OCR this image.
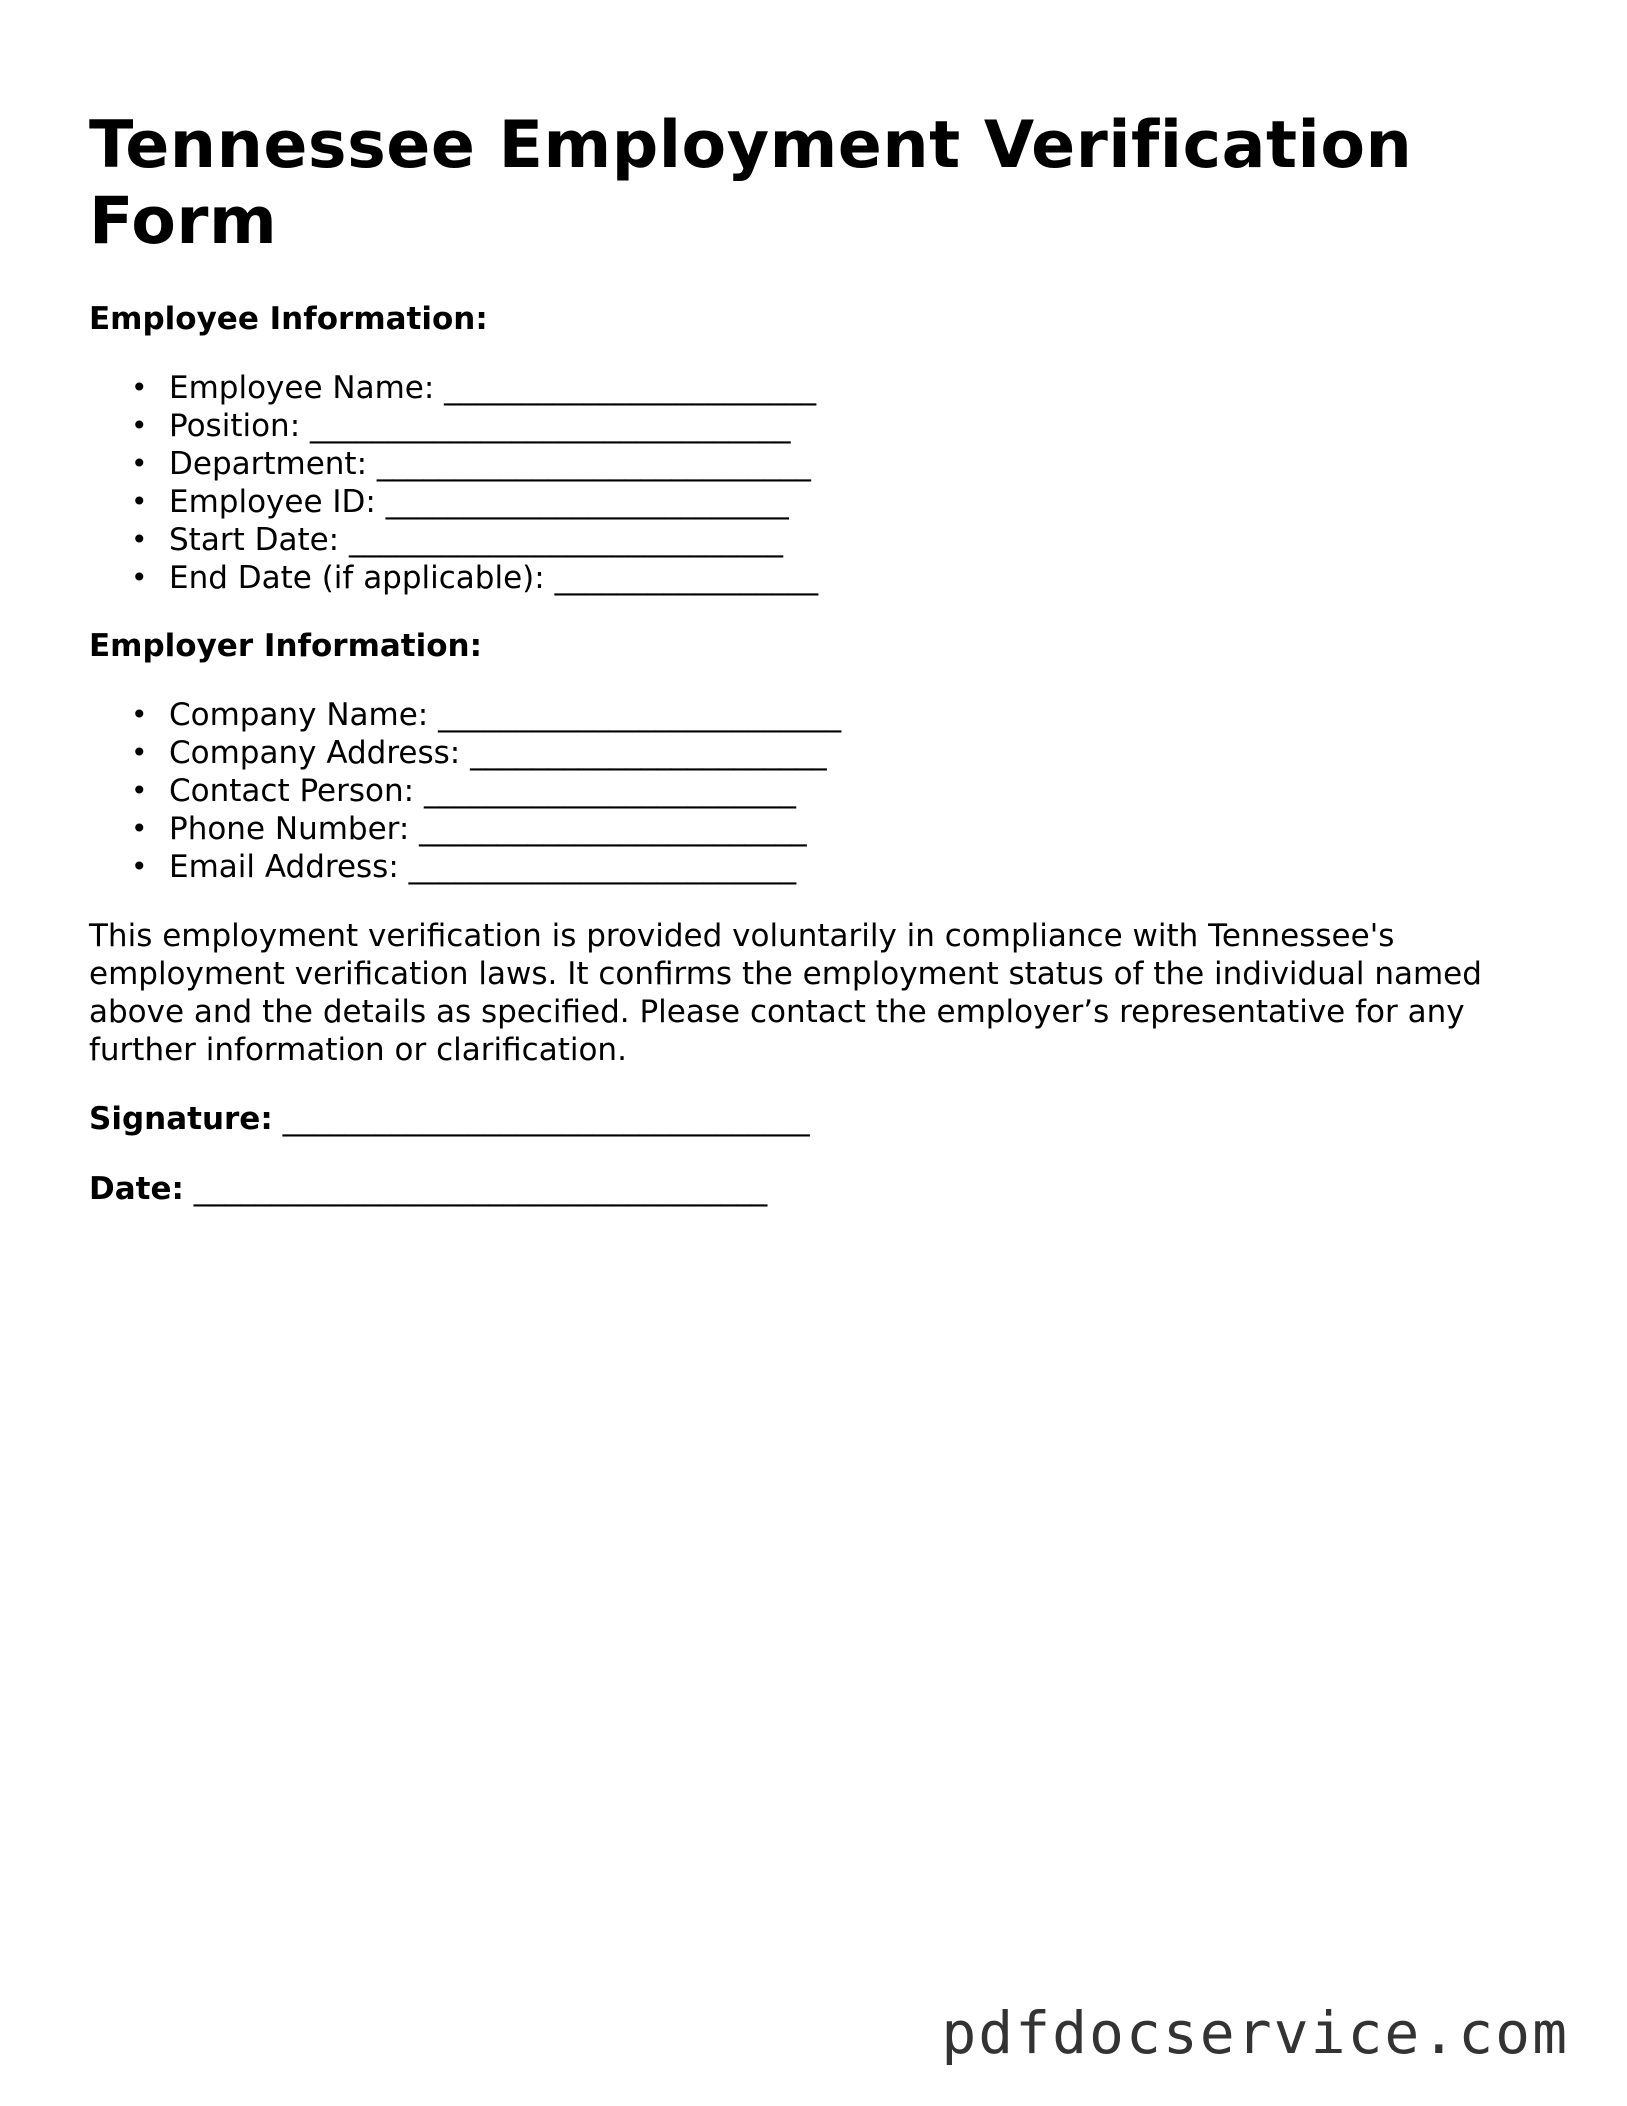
Tennessee Employment Verification Form
Employee Information:
• Employee Name: ________________________
• Position: _______________________________
• Department: ____________________________
• Employee ID: __________________________
• Start Date: ____________________________
• End Date (if applicable): _________________
Employer Information:
• Company Name: __________________________
• Company Address: _______________________
• Contact Person: ________________________
• Phone Number: _________________________
• Email Address: _________________________

This employment verification is provided voluntarily in compliance with Tennessee's employment verification laws. It confirms the employment status of the individual named above and the details as specified. Please contact the employer’s representative for any further information or clarification.

Signature: __________________________________
Date: _____________________________________
pdfdocservice.com
